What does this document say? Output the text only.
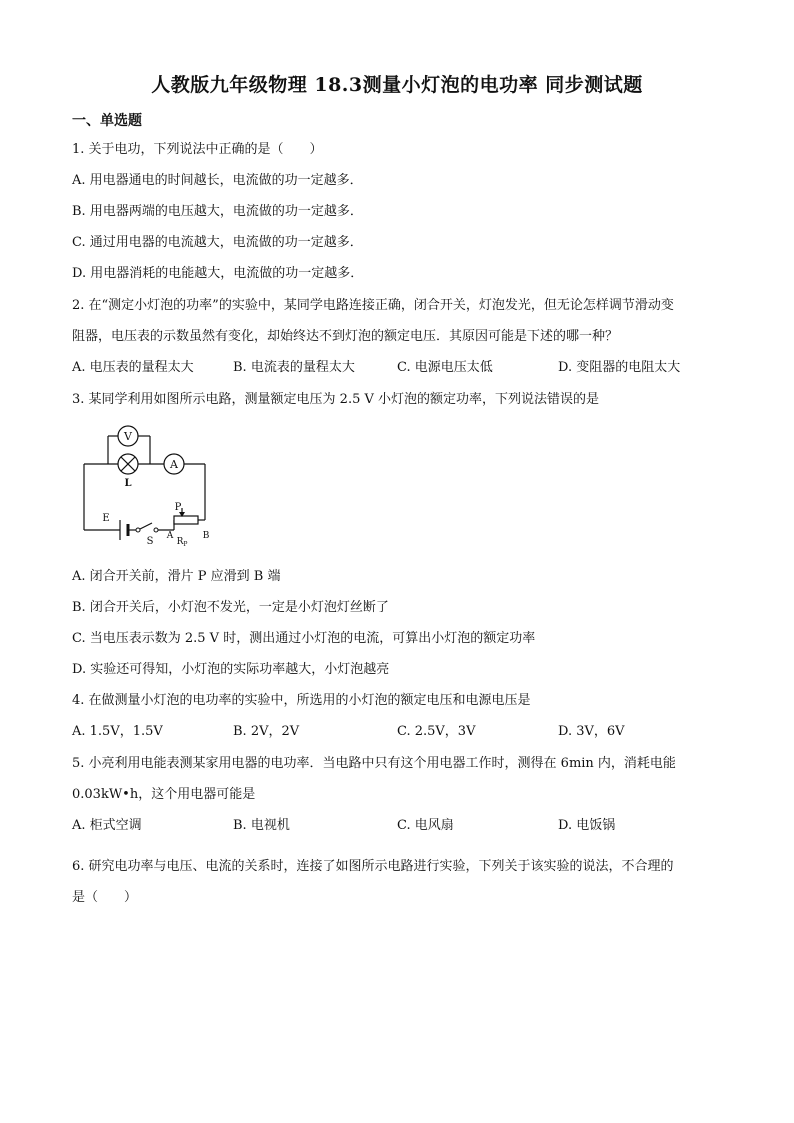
人教版九年级物理 18.3测量小灯泡的电功率 同步测试题
一、单选题
1. 关于电功，下列说法中正确的是（　　）
A. 用电器通电的时间越长，电流做的功一定越多．
B. 用电器两端的电压越大，电流做的功一定越多．
C. 通过用电器的电流越大，电流做的功一定越多．
D. 用电器消耗的电能越大，电流做的功一定越多．
2. 在“测定小灯泡的功率”的实验中，某同学电路连接正确，闭合开关，灯泡发光，但无论怎样调节滑动变
阻器，电压表的示数虽然有变化，却始终达不到灯泡的额定电压．其原因可能是下述的哪一种？
A. 电压表的量程太大	B. 电流表的量程太大	C. 电源电压太低	D. 变阻器的电阻太大
3. 某同学利用如图所示电路，测量额定电压为 2.5 V 小灯泡的额定功率，下列说法错误的是
V
L
A
E
S
P
A	B
$R_P$
A. 闭合开关前，滑片 P 应滑到 B 端
B. 闭合开关后，小灯泡不发光，一定是小灯泡灯丝断了
C. 当电压表示数为 2.5 V 时，测出通过小灯泡的电流，可算出小灯泡的额定功率
D. 实验还可得知，小灯泡的实际功率越大，小灯泡越亮
4. 在做测量小灯泡的电功率的实验中，所选用的小灯泡的额定电压和电源电压是
A. 1.5V，1.5V	B. 2V，2V	C. 2.5V，3V	D. 3V，6V
5. 小亮利用电能表测某家用电器的电功率．当电路中只有这个用电器工作时，测得在 6min 内，消耗电能
0.03kW•h，这个用电器可能是
A. 柜式空调	B. 电视机	C. 电风扇	D. 电饭锅
6. 研究电功率与电压、电流的关系时，连接了如图所示电路进行实验，下列关于该实验的说法，不合理的
是（　　）
